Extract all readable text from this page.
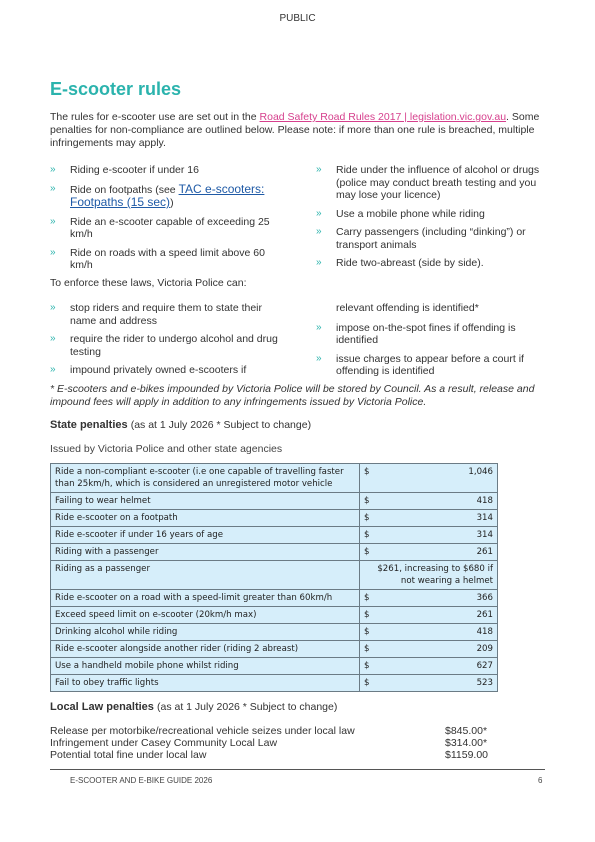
PUBLIC
E-scooter rules
The rules for e-scooter use are set out in the Road Safety Road Rules 2017 | legislation.vic.gov.au. Some penalties for non-compliance are outlined below. Please note: if more than one rule is breached, multiple infringements may apply.
» Riding e-scooter if under 16
» Ride on footpaths (see TAC e-scooters: Footpaths (15 sec))
» Ride an e-scooter capable of exceeding 25 km/h
» Ride on roads with a speed limit above 60 km/h
» Ride under the influence of alcohol or drugs (police may conduct breath testing and you may lose your licence)
» Use a mobile phone while riding
» Carry passengers (including “dinking”) or transport animals
» Ride two-abreast (side by side).
To enforce these laws, Victoria Police can:
» stop riders and require them to state their name and address
» require the rider to undergo alcohol and drug testing
» impound privately owned e-scooters if
relevant offending is identified*
» impose on-the-spot fines if offending is identified
» issue charges to appear before a court if offending is identified
* E-scooters and e-bikes impounded by Victoria Police will be stored by Council. As a result, release and impound fees will apply in addition to any infringements issued by Victoria Police.
State penalties (as at 1 July 2026 * Subject to change)
Issued by Victoria Police and other state agencies
Ride a non-compliant e-scooter (i.e one capable of travelling faster than 25km/h, which is considered an unregistered motor vehicle	$ 1,046

Failing to wear helmet	$ 418

Ride e-scooter on a footpath	$ 314

Ride e-scooter if under 16 years of age	$ 314

Riding with a passenger	$ 261

Riding as a passenger	$261, increasing to $680 if not wearing a helmet
Ride e-scooter on a road with a speed-limit greater than 60km/h	$ 366

Exceed speed limit on e-scooter (20km/h max)	$ 261

Drinking alcohol while riding	$ 418

Ride e-scooter alongside another rider (riding 2 abreast)	$ 209

Use a handheld mobile phone whilst riding	$ 627

Fail to obey traffic lights	$ 523
Local Law penalties (as at 1 July 2026 * Subject to change)
Release per motorbike/recreational vehicle seizes under local law	$845.00*
Infringement under Casey Community Local Law	$314.00*
Potential total fine under local law	$1159.00
E-SCOOTER AND E-BIKE GUIDE 2026	6
